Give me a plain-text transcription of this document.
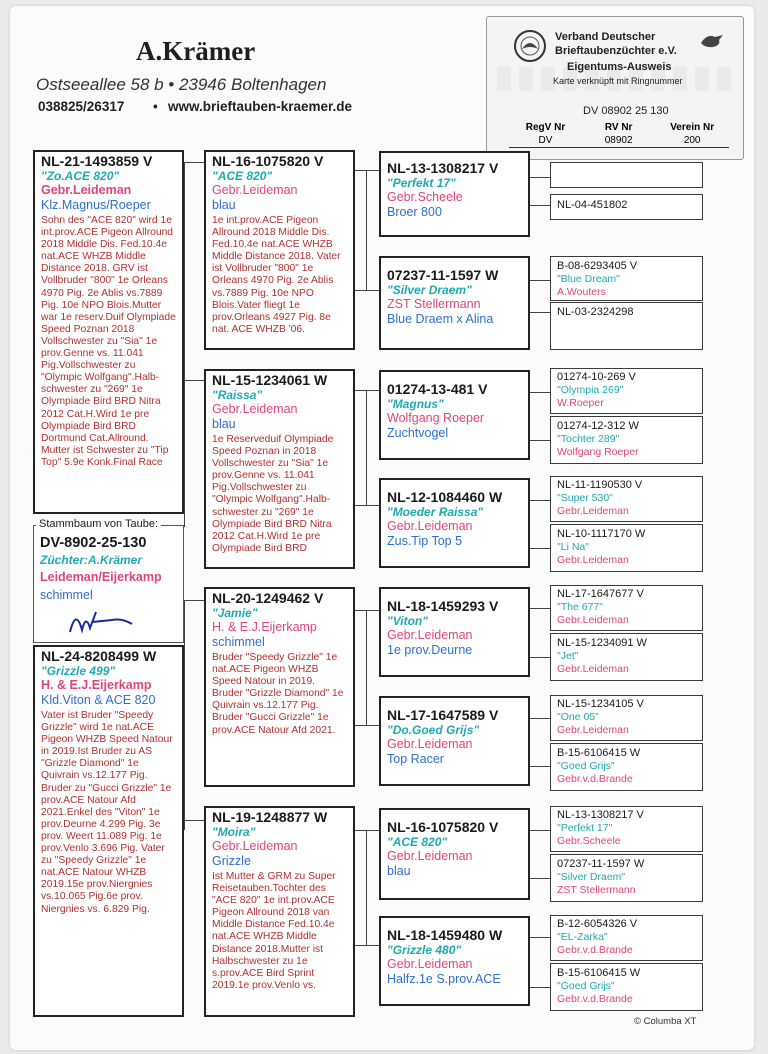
A.Krämer
Ostseeallee 58 b • 23946 Boltenhagen
038825/26317 • www.brieftauben-kraemer.de
Verband Deutscher
Brieftaubenzüchter e.V.
Eigentums-Ausweis
Karte verknüpft mit Ringnummer
DV 08902 25 130
RegV Nr	RV Nr	Verein Nr
DV	08902	200
NL-21-1493859 V
"Zo.ACE 820"
Gebr.Leideman
Klz.Magnus/Roeper
Sohn des "ACE 820" wird 1e int.prov.ACE Pigeon Allround 2018 Middle Dis. Fed.10.4e nat.ACE WHZB Middle Distance 2018. GRV ist Vollbruder "800" 1e Orleans 4970 Pig. 2e Ablis vs.7889 Pig. 10e NPO Blois.Mutter war 1e reserv.Duif Olympiade Speed Poznan 2018 Vollschwester zu "Sia" 1e prov.Genne vs. 11.041 Pig.Vollschwester zu "Olympic Wolfgang".Halb-schwester zu "269" 1e Olympiade Bird BRD Nitra 2012 Cat.H.Wird 1e pre Olympiade Bird BRD Dortmund Cat.Allround. Mutter ist Schwester zu "Tip Top" 5.9e Konk.Final Race
Stammbaum von Taube:
DV-8902-25-130
Züchter:A.Krämer
Leideman/Eijerkamp
schimmel
NL-24-8208499 W
"Grizzle 499"
H. & E.J.Eijerkamp
Kld.Viton & ACE 820
Vater ist Bruder "Speedy Grizzle" wird 1e nat.ACE Pigeon WHZB Speed Natour in 2019.Ist Bruder zu AS "Grizzle Diamond" 1e Quivrain vs.12.177 Pig. Bruder zu "Gucci Grizzle" 1e prov.ACE Natour Afd 2021.Enkel des "Viton" 1e prov.Deurne 4.299 Pig. 3e prov. Weert 11.089 Pig. 1e prov.Venlo 3.696 Pig. Vater zu "Speedy Grizzle" 1e nat.ACE Natour WHZB 2019.15e prov.Niergnies vs.10.065 Pig.6e prov. Niergnies vs. 6.829 Pig.
NL-16-1075820 V
"ACE 820"
Gebr.Leideman
blau
1e int.prov.ACE Pigeon Allround 2018 Middle Dis. Fed.10.4e nat.ACE WHZB Middle Distance 2018. Vater ist Vollbruder "800" 1e Orleans 4970 Pig. 2e Ablis vs.7889 Pig. 10e NPO Blois.Vater fliegt 1e prov.Orleans 4927 Pig. 8e nat. ACE WHZB '06.
NL-15-1234061 W
"Raissa"
Gebr.Leideman
blau
1e Reserveduif Olympiade Speed Poznan in 2018 Vollschwester zu "Sia" 1e prov.Genne vs. 11.041 Pig.Vollschwester zu "Olympic Wolfgang".Halb-schwester zu "269" 1e Olympiade Bird BRD Nitra 2012 Cat.H.Wird 1e pre Olympiade Bird BRD
NL-20-1249462 V
"Jamie"
H. & E.J.Eijerkamp
schimmel
Bruder "Speedy Grizzle" 1e nat.ACE Pigeon WHZB Speed Natour in 2019. Bruder "Grizzle Diamond" 1e Quivrain vs.12.177 Pig. Bruder "Gucci Grizzle" 1e prov.ACE Natour Afd 2021.
NL-19-1248877 W
"Moira"
Gebr.Leideman
Grizzle
Ist Mutter & GRM zu Super Reisetauben.Tochter des "ACE 820" 1e int.prov.ACE Pigeon Allround 2018 van Middle Distance Fed.10.4e nat.ACE WHZB Middle Distance 2018.Mutter ist Halbschwester zu 1e s.prov.ACE Bird Sprint 2019.1e prov.Venlo vs.
NL-13-1308217 V
"Perfekt 17"
Gebr.Scheele
Broer 800
07237-11-1597 W
"Silver Draem"
ZST Stellermann
Blue Draem x Alina
01274-13-481 V
"Magnus"
Wolfgang Roeper
Zuchtvogel
NL-12-1084460 W
"Moeder Raissa"
Gebr.Leideman
Zus.Tip Top 5
NL-18-1459293 V
"Viton"
Gebr.Leideman
1e prov.Deurne
NL-17-1647589 V
"Do.Goed Grijs"
Gebr.Leideman
Top Racer
NL-16-1075820 V
"ACE 820"
Gebr.Leideman
blau
NL-18-1459480 W
"Grizzle 480"
Gebr.Leideman
Halfz.1e S.prov.ACE
NL-04-451802
B-08-6293405 V
"Blue Dream"
A.Wouters
NL-03-2324298
01274-10-269 V
"Olympia 269"
W.Roeper
01274-12-312 W
"Tochter 289"
Wolfgang Roeper
NL-11-1190530 V
"Super 530"
Gebr.Leideman
NL-10-1117170 W
"Li Na"
Gebr.Leideman
NL-17-1647677 V
"The 677"
Gebr.Leideman
NL-15-1234091 W
"Jet"
Gebr.Leideman
NL-15-1234105 V
"One 05"
Gebr.Leideman
B-15-6106415 W
"Goed Grijs"
Gebr.v.d.Brande
NL-13-1308217 V
"Perfekt 17"
Gebr.Scheele
07237-11-1597 W
"Silver Draem"
ZST Stellermann
B-12-6054326 V
"EL-Zarka"
Gebr.v.d.Brande
B-15-6106415 W
"Goed Grijs"
Gebr.v.d.Brande
© Columba XT
